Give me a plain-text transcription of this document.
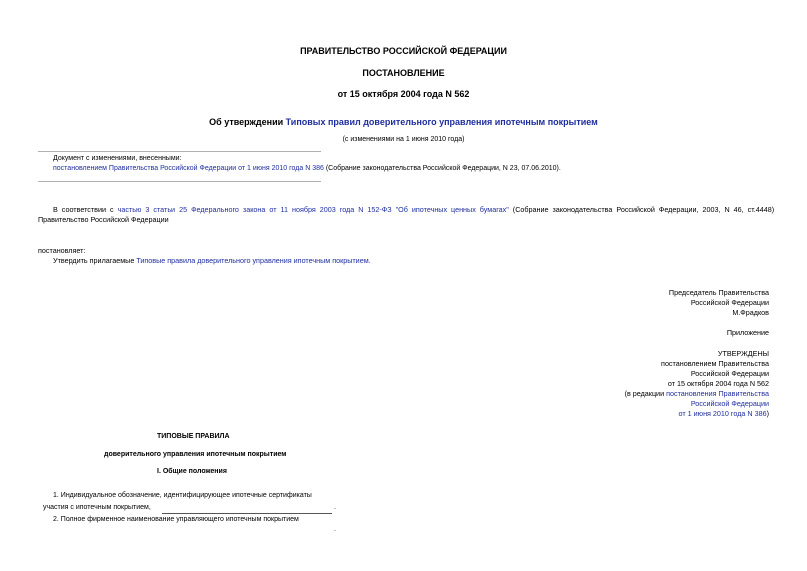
ПРАВИТЕЛЬСТВО РОССИЙСКОЙ ФЕДЕРАЦИИ
ПОСТАНОВЛЕНИЕ
от 15 октября 2004 года N 562
Об утверждении Типовых правил доверительного управления ипотечным покрытием
(с изменениями на 1 июня 2010 года)
Документ с изменениями, внесенными:
постановлением Правительства Российской Федерации от 1 июня 2010 года N 386 (Собрание законодательства Российской Федерации, N 23, 07.06.2010).
В соответствии с частью 3 статьи 25 Федерального закона от 11 ноября 2003 года N 152-ФЗ "Об ипотечных ценных бумагах" (Собрание законодательства Российской Федерации, 2003, N 46, ст.4448)
Правительство Российской Федерации
постановляет:
Утвердить прилагаемые Типовые правила доверительного управления ипотечным покрытием.
Председатель Правительства
Российской Федерации
М.Фрадков
Приложение
УТВЕРЖДЕНЫ
постановлением Правительства
Российской Федерации
от 15 октября 2004 года N 562
(в редакции постановления Правительства
Российской Федерации
от 1 июня 2010 года N 386)
ТИПОВЫЕ ПРАВИЛА
доверительного управления ипотечным покрытием
I. Общие положения
1. Индивидуальное обозначение, идентифицирующее ипотечные сертификаты
участия с ипотечным покрытием,	.
2. Полное фирменное наименование управляющего ипотечным покрытием
.
